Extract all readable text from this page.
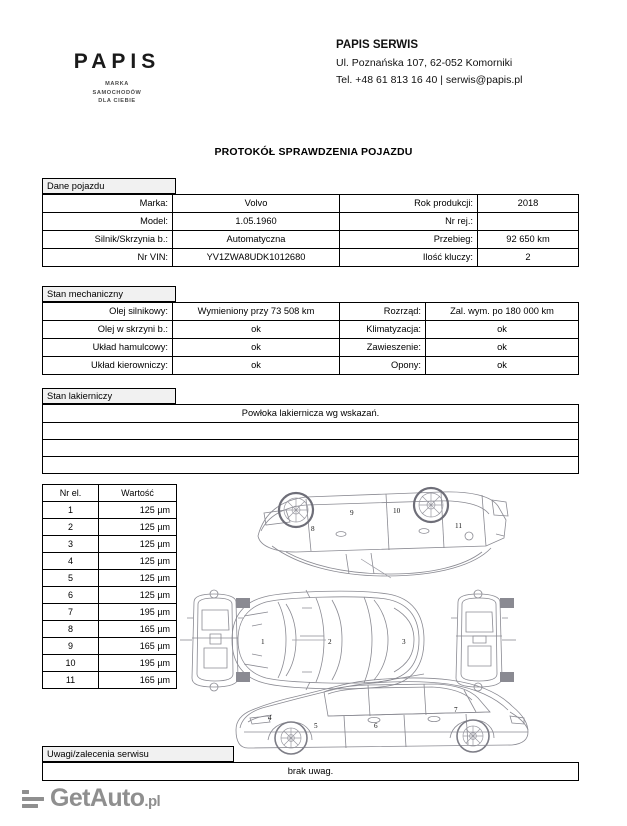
PAPIS
MARKA
SAMOCHODÓW
DLA CIEBIE
PAPIS SERWIS
Ul. Poznańska 107, 62-052 Komorniki
Tel. +48 61 813 16 40 | serwis@papis.pl
PROTOKÓŁ SPRAWDZENIA POJAZDU
Dane pojazdu
Marka:	Volvo	Rok produkcji:	2018
Model:	1.05.1960	Nr rej.:	
Silnik/Skrzynia b.:	Automatyczna	Przebieg:	92 650 km
Nr VIN:	YV1ZWA8UDK1012680	Ilość kluczy:	2
Stan mechaniczny
Olej silnikowy:	Wymieniony przy 73 508 km	Rozrząd:	Zal. wym. po 180 000 km
Olej w skrzyni b.:	ok	Klimatyzacja:	ok
Układ hamulcowy:	ok	Zawieszenie:	ok
Układ kierowniczy:	ok	Opony:	ok
Stan lakierniczy
Powłoka lakiernicza wg wskazań.

Nr el.	Wartość
1	125 µm
2	125 µm
3	125 µm
4	125 µm
5	125 µm
6	125 µm
7	195 µm
8	165 µm
9	165 µm
10	195 µm
11	165 µm
8
9	10
11
1	2	3
4
5	6
7
Uwagi/zalecenia serwisu
brak uwag.
GetAuto.pl
